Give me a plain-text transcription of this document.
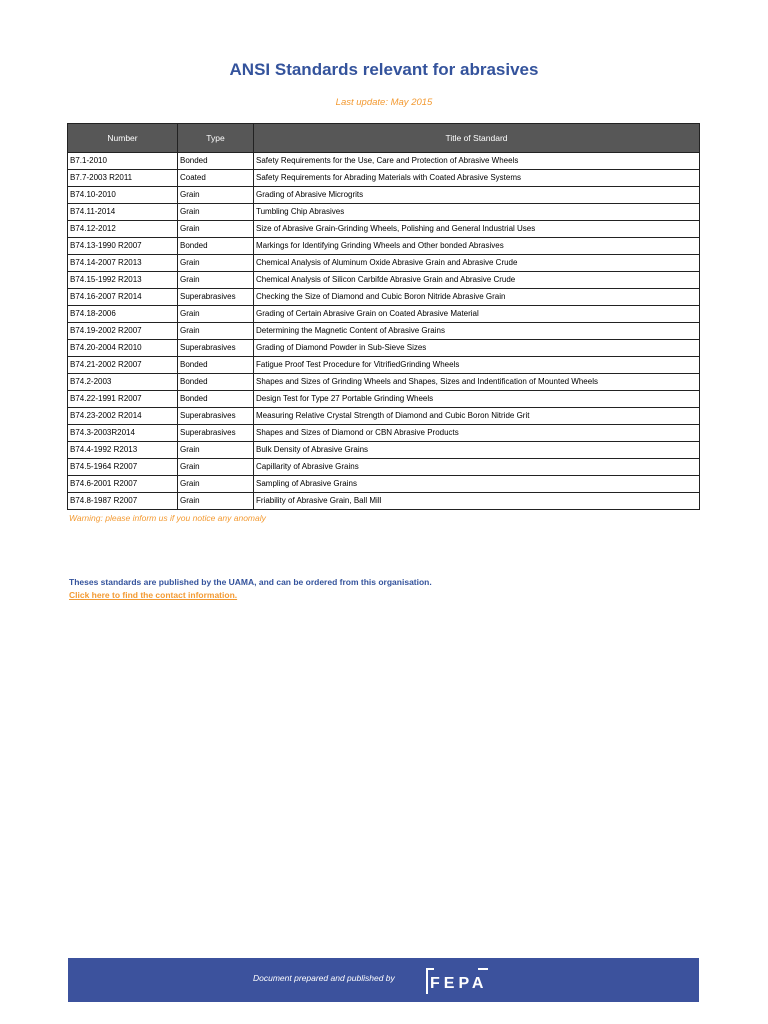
ANSI Standards relevant for abrasives
Last update: May 2015
Number	Type	Title of Standard
B7.1-2010	Bonded	Safety Requirements for the Use, Care and Protection of Abrasive Wheels
B7.7-2003 R2011	Coated	Safety Requirements for Abrading Materials with Coated Abrasive Systems
B74.10-2010	Grain	Grading of Abrasive Microgrits
B74.11-2014	Grain	Tumbling Chip Abrasives
B74.12-2012	Grain	Size of Abrasive Grain-Grinding Wheels, Polishing and General Industrial Uses
B74.13-1990 R2007	Bonded	Markings for Identifying Grinding Wheels and Other bonded Abrasives
B74.14-2007 R2013	Grain	Chemical Analysis of Aluminum Oxide Abrasive Grain and Abrasive Crude
B74.15-1992 R2013	Grain	Chemical Analysis of Silicon Carbifde Abrasive Grain and Abrasive Crude
B74.16-2007 R2014	Superabrasives	Checking the Size of Diamond and Cubic Boron Nitride Abrasive Grain
B74.18-2006	Grain	Grading of Certain Abrasive Grain on Coated Abrasive Material
B74.19-2002 R2007	Grain	Determining the Magnetic Content of Abrasive Grains
B74.20-2004 R2010	Superabrasives	Grading of Diamond Powder in Sub-Sieve Sizes
B74.21-2002 R2007	Bonded	Fatigue Proof Test Procedure for VitrifiedGrinding Wheels
B74.2-2003	Bonded	Shapes and Sizes of Grinding Wheels and Shapes, Sizes and Indentification of Mounted Wheels
B74.22-1991 R2007	Bonded	Design Test for Type 27 Portable Grinding Wheels
B74.23-2002 R2014	Superabrasives	Measuring Relative Crystal Strength of Diamond and Cubic Boron Nitride Grit
B74.3-2003R2014	Superabrasives	Shapes and Sizes of Diamond or CBN Abrasive Products
B74.4-1992 R2013	Grain	Bulk Density of Abrasive Grains
B74.5-1964 R2007	Grain	Capillarity of Abrasive Grains
B74.6-2001 R2007	Grain	Sampling of Abrasive Grains
B74.8-1987 R2007	Grain	Friability of Abrasive Grain, Ball Mill
Warning: please inform us if you notice any anomaly
Theses standards are published by the UAMA, and can be ordered from this organisation.
Click here to find the contact information.
Document prepared and published by FEPA
